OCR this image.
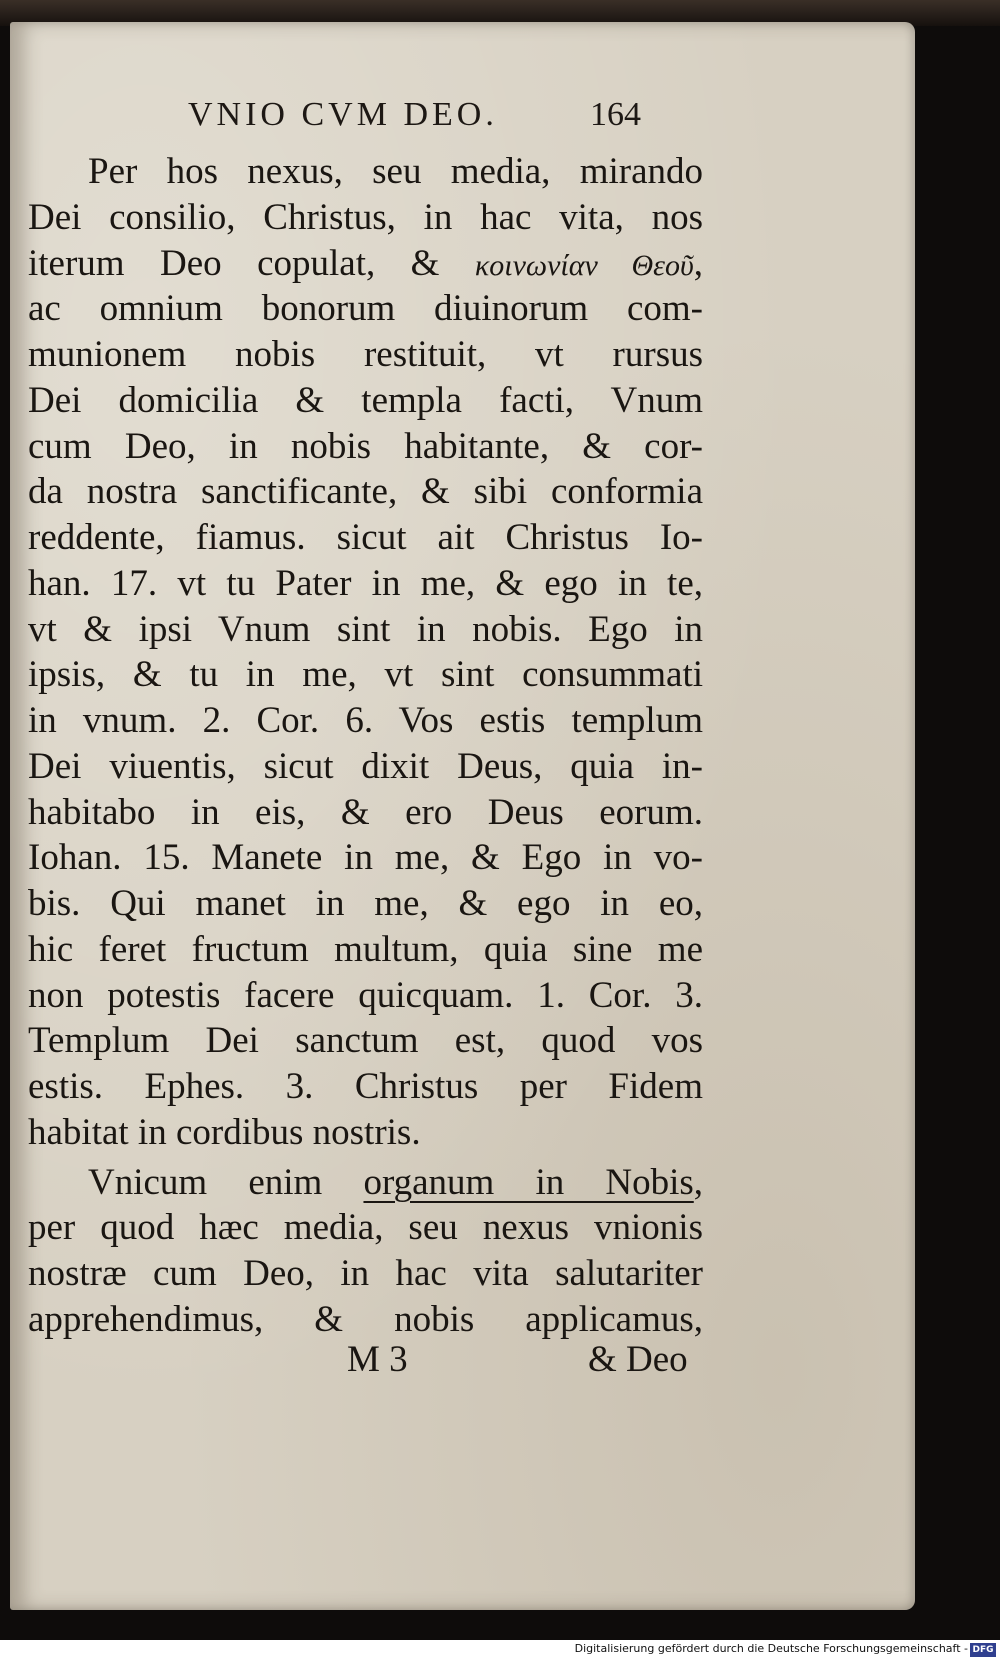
VNIO CVM DEO.	164
Per hos nexus, seu media, mirando
Dei consilio, Christus, in hac vita, nos
iterum Deo copulat, & κοινωνίαν Θεοῦ,
ac omnium bonorum diuinorum com-
munionem nobis restituit, vt rursus
Dei domicilia & templa facti, Vnum
cum Deo, in nobis habitante, & cor-
da nostra sanctificante, & sibi conformia
reddente, fiamus. sicut ait Christus Io-
han. 17. vt tu Pater in me, & ego in te,
vt & ipsi Vnum sint in nobis. Ego in
ipsis, & tu in me, vt sint consummati
in vnum. 2. Cor. 6. Vos estis templum
Dei viuentis, sicut dixit Deus, quia in-
habitabo in eis, & ero Deus eorum.
Iohan. 15. Manete in me, & Ego in vo-
bis. Qui manet in me, & ego in eo,
hic feret fructum multum, quia sine me
non potestis facere quicquam. 1. Cor. 3.
Templum Dei sanctum est, quod vos
estis. Ephes. 3. Christus per Fidem
habitat in cordibus nostris.
Vnicum enim organum in Nobis,
per quod hæc media, seu nexus vnionis
nostræ cum Deo, in hac vita salutariter
apprehendimus, & nobis applicamus,
M 3	& Deo
Digitalisierung gefördert durch die Deutsche Forschungsgemeinschaft - DFG
